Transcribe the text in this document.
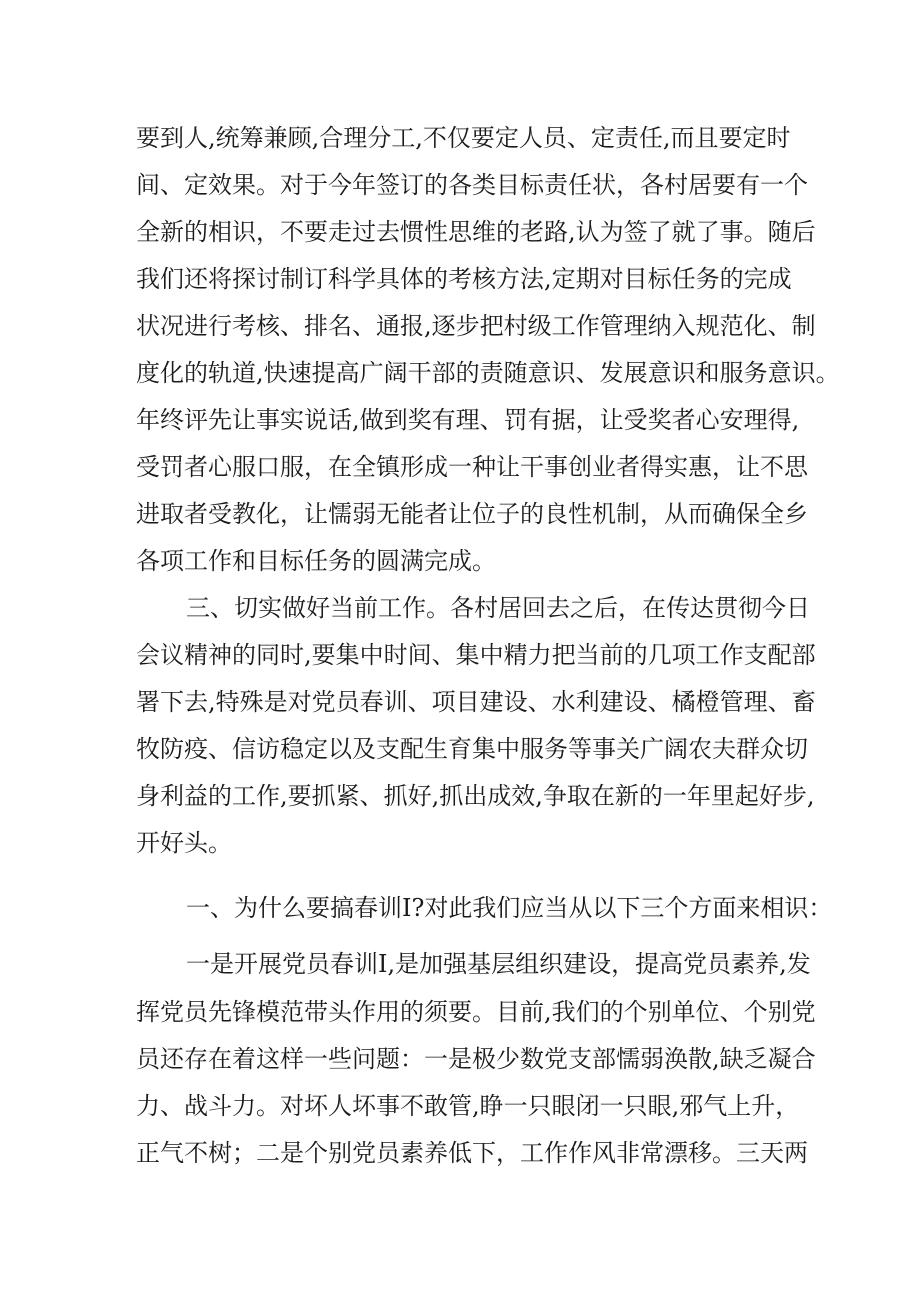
要到人,统筹兼顾,合理分工,不仅要定人员、定责任,而且要定时
间、定效果。对于今年签订的各类目标责任状，各村居要有一个
全新的相识，不要走过去惯性思维的老路,认为签了就了事。随后
我们还将探讨制订科学具体的考核方法,定期对目标任务的完成
状况进行考核、排名、通报,逐步把村级工作管理纳入规范化、制
度化的轨道,快速提高广阔干部的责随意识、发展意识和服务意识。
年终评先让事实说话,做到奖有理、罚有据，让受奖者心安理得,
受罚者心服口服，在全镇形成一种让干事创业者得实惠，让不思
进取者受教化，让懦弱无能者让位子的良性机制，从而确保全乡
各项工作和目标任务的圆满完成。
三、切实做好当前工作。各村居回去之后，在传达贯彻今日
会议精神的同时,要集中时间、集中精力把当前的几项工作支配部
署下去,特殊是对党员春训、项目建设、水利建设、橘橙管理、畜
牧防疫、信访稳定以及支配生育集中服务等事关广阔农夫群众切
身利益的工作,要抓紧、抓好,抓出成效,争取在新的一年里起好步,
开好头。
一、为什么要搞春训I?对此我们应当从以下三个方面来相识：
一是开展党员春训I,是加强基层组织建设，提高党员素养,发
挥党员先锋模范带头作用的须要。目前,我们的个别单位、个别党
员还存在着这样一些问题：一是极少数党支部懦弱涣散,缺乏凝合
力、战斗力。对坏人坏事不敢管,睁一只眼闭一只眼,邪气上升，
正气不树；二是个别党员素养低下，工作作风非常漂移。三天两
